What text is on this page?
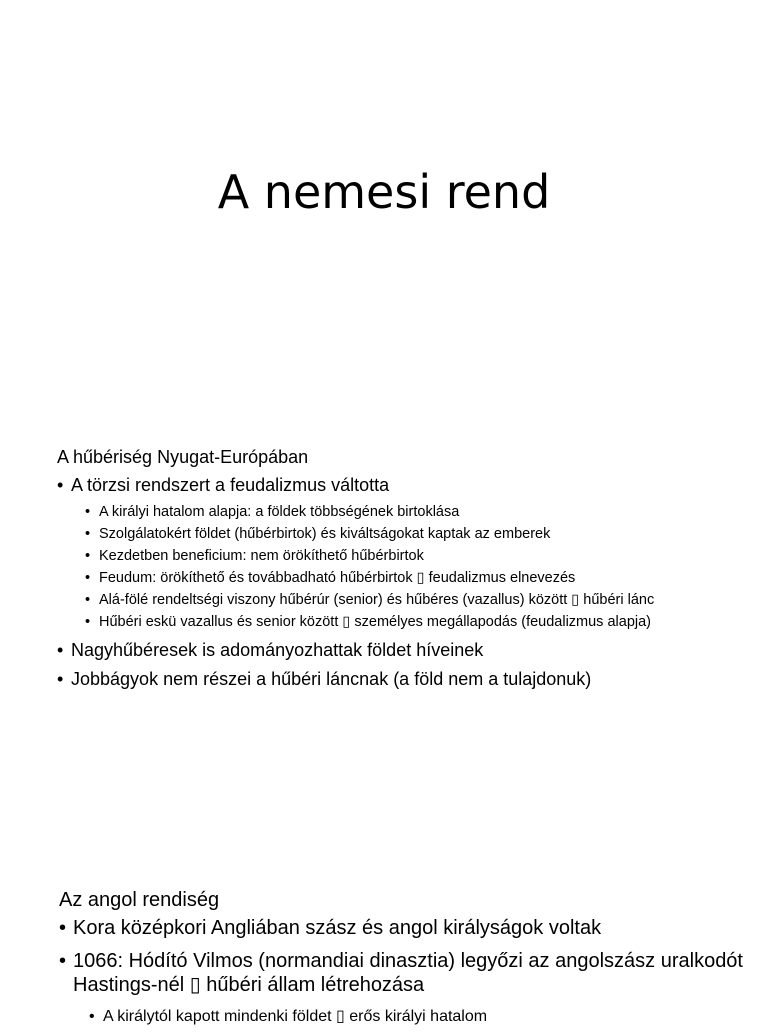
A nemesi rend
A hűbériség Nyugat-Európában
• A törzsi rendszert a feudalizmus váltotta
• A királyi hatalom alapja: a földek többségének birtoklása
• Szolgálatokért földet (hűbérbirtok) és kiváltságokat kaptak az emberek
• Kezdetben beneficium: nem örökíthető hűbérbirtok
• Feudum: örökíthető és továbbadható hűbérbirtok ▯ feudalizmus elnevezés
• Alá-fölé rendeltségi viszony hűbérúr (senior) és hűbéres (vazallus) között ▯ hűbéri lánc
• Hűbéri eskü vazallus és senior között ▯ személyes megállapodás (feudalizmus alapja)
• Nagyhűbéresek is adományozhattak földet híveinek
• Jobbágyok nem részei a hűbéri láncnak (a föld nem a tulajdonuk)
Az angol rendiség
• Kora középkori Angliában szász és angol királyságok voltak
• 1066: Hódító Vilmos (normandiai dinasztia) legyőzi az angolszász uralkodót Hastings-nél ▯ hűbéri állam létrehozása
• A királytól kapott mindenki földet ▯ erős királyi hatalom
